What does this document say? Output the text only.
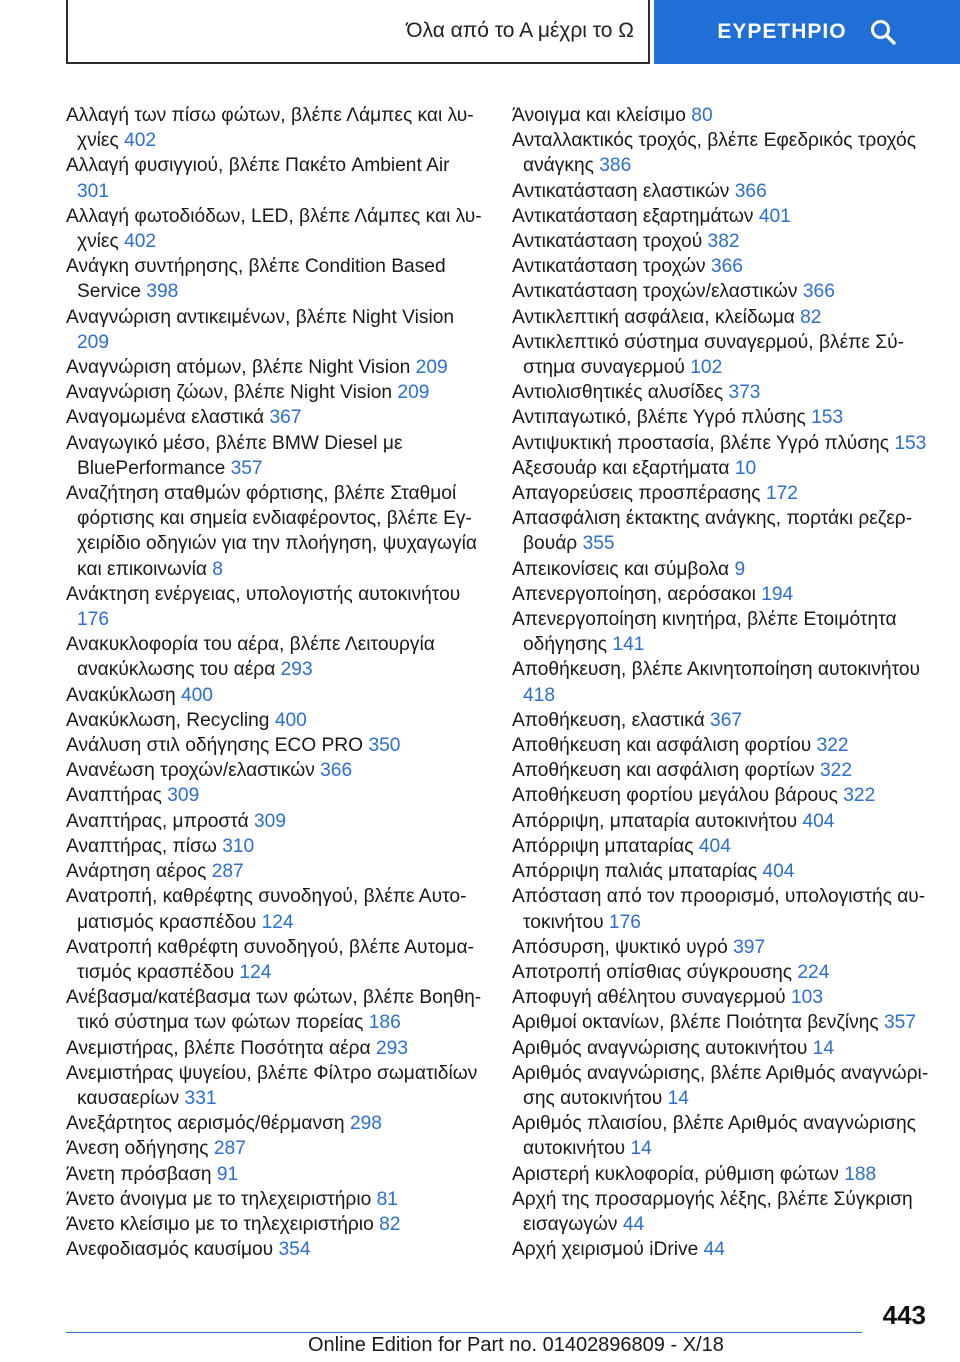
Όλα από το Α μέχρι το Ω	ΕΥΡΕΤΗΡΙΟ
Αλλαγή των πίσω φώτων, βλέπε Λάμπες και λυχνίες 402
Αλλαγή φυσιγγιού, βλέπε Πακέτο Ambient Air 301
Αλλαγή φωτοδιόδων, LED, βλέπε Λάμπες και λυχνίες 402
Ανάγκη συντήρησης, βλέπε Condition Based Service 398
Αναγνώριση αντικειμένων, βλέπε Night Vision 209
Αναγνώριση ατόμων, βλέπε Night Vision 209
Αναγνώριση ζώων, βλέπε Night Vision 209
Αναγομωμένα ελαστικά 367
Αναγωγικό μέσο, βλέπε BMW Diesel με BluePerformance 357
Αναζήτηση σταθμών φόρτισης, βλέπε Σταθμοί φόρτισης και σημεία ενδιαφέροντος, βλέπε Εγχειρίδιο οδηγιών για την πλοήγηση, ψυχαγωγία και επικοινωνία 8
Ανάκτηση ενέργειας, υπολογιστής αυτοκινήτου 176
Ανακυκλοφορία του αέρα, βλέπε Λειτουργία ανακύκλωσης του αέρα 293
Ανακύκλωση 400
Ανακύκλωση, Recycling 400
Ανάλυση στιλ οδήγησης ECO PRO 350
Ανανέωση τροχών/ελαστικών 366
Αναπτήρας 309
Αναπτήρας, μπροστά 309
Αναπτήρας, πίσω 310
Ανάρτηση αέρος 287
Ανατροπή, καθρέφτης συνοδηγού, βλέπε Αυτοματισμός κρασπέδου 124
Ανατροπή καθρέφτη συνοδηγού, βλέπε Αυτοματισμός κρασπέδου 124
Ανέβασμα/κατέβασμα των φώτων, βλέπε Βοηθητικό σύστημα των φώτων πορείας 186
Ανεμιστήρας, βλέπε Ποσότητα αέρα 293
Ανεμιστήρας ψυγείου, βλέπε Φίλτρο σωματιδίων καυσαερίων 331
Ανεξάρτητος αερισμός/θέρμανση 298
Άνεση οδήγησης 287
Άνετη πρόσβαση 91
Άνετο άνοιγμα με το τηλεχειριστήριο 81
Άνετο κλείσιμο με το τηλεχειριστήριο 82
Ανεφοδιασμός καυσίμου 354
Άνοιγμα και κλείσιμο 80
Ανταλλακτικός τροχός, βλέπε Εφεδρικός τροχός ανάγκης 386
Αντικατάσταση ελαστικών 366
Αντικατάσταση εξαρτημάτων 401
Αντικατάσταση τροχού 382
Αντικατάσταση τροχών 366
Αντικατάσταση τροχών/ελαστικών 366
Αντικλεπτική ασφάλεια, κλείδωμα 82
Αντικλεπτικό σύστημα συναγερμού, βλέπε Σύστημα συναγερμού 102
Αντιολισθητικές αλυσίδες 373
Αντιπαγωτικό, βλέπε Υγρό πλύσης 153
Αντιψυκτική προστασία, βλέπε Υγρό πλύσης 153
Αξεσουάρ και εξαρτήματα 10
Απαγορεύσεις προσπέρασης 172
Απασφάλιση έκτακτης ανάγκης, πορτάκι ρεζερβουάρ 355
Απεικονίσεις και σύμβολα 9
Απενεργοποίηση, αερόσακοι 194
Απενεργοποίηση κινητήρα, βλέπε Ετοιμότητα οδήγησης 141
Αποθήκευση, βλέπε Ακινητοποίηση αυτοκινήτου 418
Αποθήκευση, ελαστικά 367
Αποθήκευση και ασφάλιση φορτίου 322
Αποθήκευση και ασφάλιση φορτίων 322
Αποθήκευση φορτίου μεγάλου βάρους 322
Απόρριψη, μπαταρία αυτοκινήτου 404
Απόρριψη μπαταρίας 404
Απόρριψη παλιάς μπαταρίας 404
Απόσταση από τον προορισμό, υπολογιστής αυτοκινήτου 176
Απόσυρση, ψυκτικό υγρό 397
Αποτροπή οπίσθιας σύγκρουσης 224
Αποφυγή αθέλητου συναγερμού 103
Αριθμοί οκτανίων, βλέπε Ποιότητα βενζίνης 357
Αριθμός αναγνώρισης αυτοκινήτου 14
Αριθμός αναγνώρισης, βλέπε Αριθμός αναγνώρισης αυτοκινήτου 14
Αριθμός πλαισίου, βλέπε Αριθμός αναγνώρισης αυτοκινήτου 14
Αριστερή κυκλοφορία, ρύθμιση φώτων 188
Αρχή της προσαρμογής λέξης, βλέπε Σύγκριση εισαγωγών 44
Αρχή χειρισμού iDrive 44
443
Online Edition for Part no. 01402896809 - X/18
